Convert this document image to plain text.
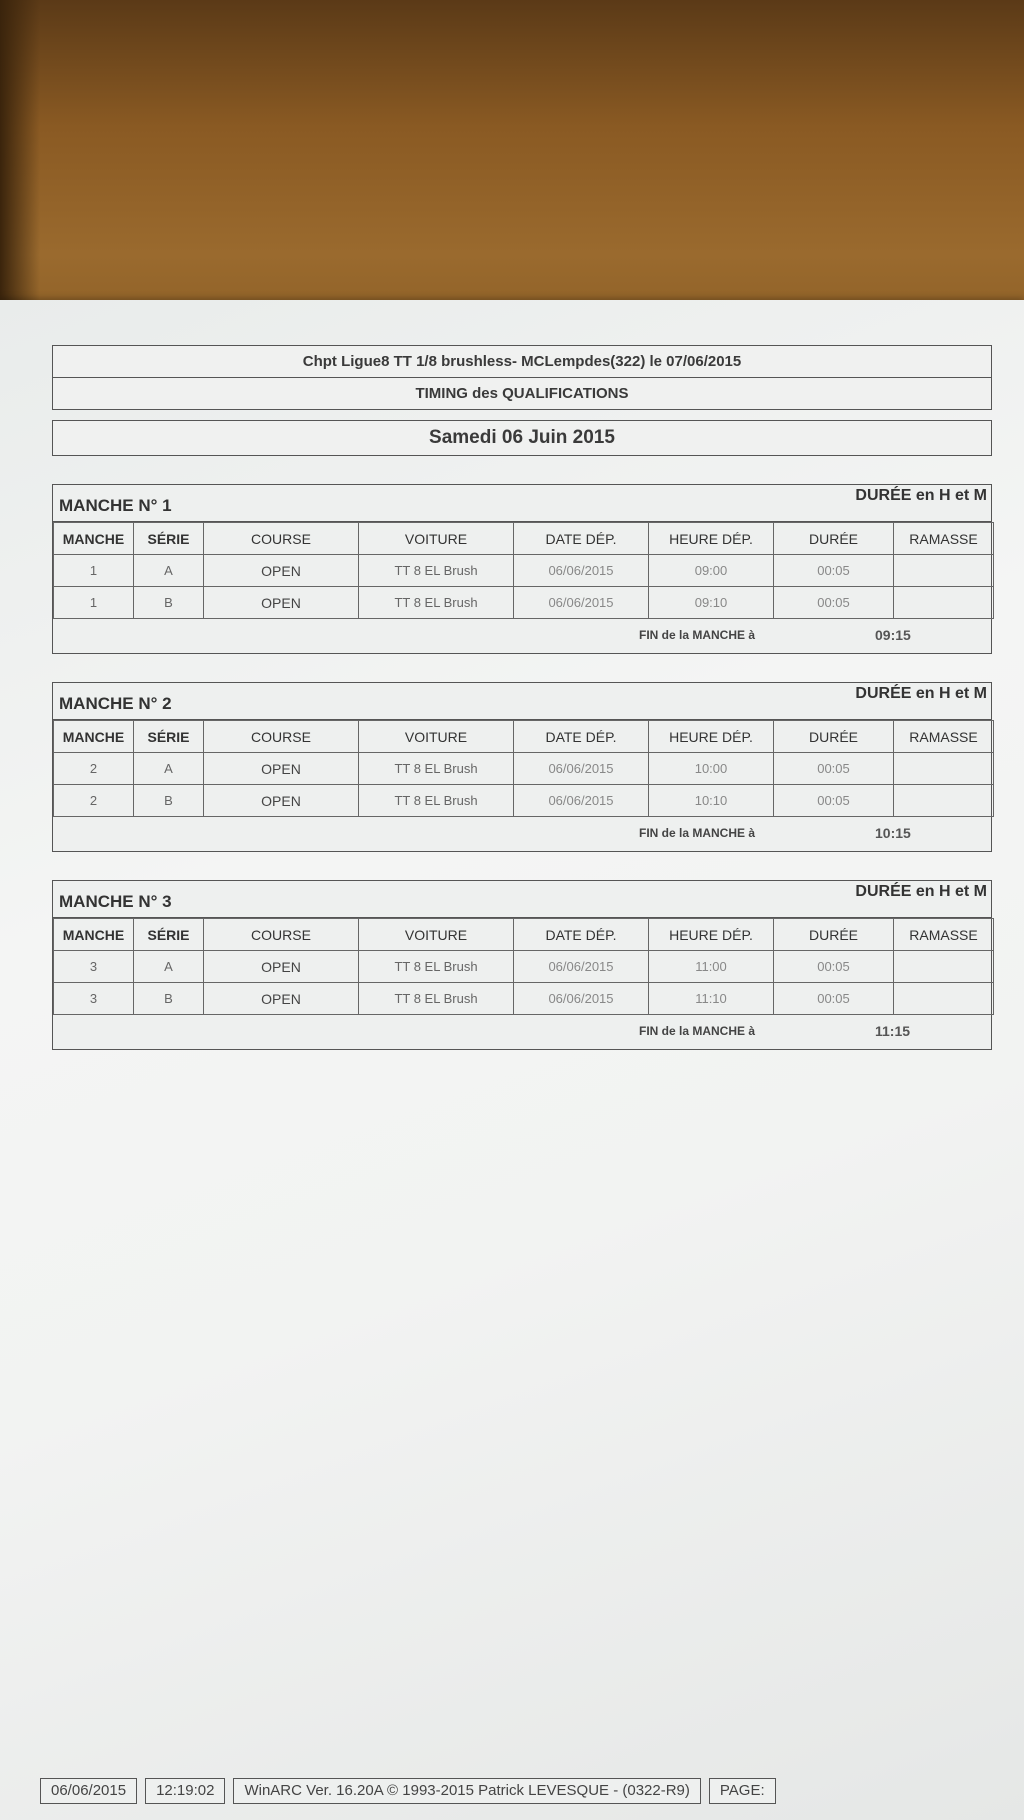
Chpt Ligue8 TT 1/8 brushless- MCLempdes(322) le 07/06/2015
TIMING des QUALIFICATIONS
Samedi 06 Juin 2015
MANCHE N° 1
DURÉE en H et M
MANCHE	SÉRIE	COURSE	VOITURE	DATE DÉP.	HEURE DÉP.	DURÉE	RAMASSE
1	A	OPEN	TT 8 EL Brush	06/06/2015	09:00	00:05	
1	B	OPEN	TT 8 EL Brush	06/06/2015	09:10	00:05	
FIN de la MANCHE à	09:15
MANCHE N° 2
DURÉE en H et M
MANCHE	SÉRIE	COURSE	VOITURE	DATE DÉP.	HEURE DÉP.	DURÉE	RAMASSE
2	A	OPEN	TT 8 EL Brush	06/06/2015	10:00	00:05	
2	B	OPEN	TT 8 EL Brush	06/06/2015	10:10	00:05	
FIN de la MANCHE à	10:15
MANCHE N° 3
DURÉE en H et M
MANCHE	SÉRIE	COURSE	VOITURE	DATE DÉP.	HEURE DÉP.	DURÉE	RAMASSE
3	A	OPEN	TT 8 EL Brush	06/06/2015	11:00	00:05	
3	B	OPEN	TT 8 EL Brush	06/06/2015	11:10	00:05	
FIN de la MANCHE à	11:15
06/06/2015	12:19:02	WinARC Ver. 16.20A © 1993-2015 Patrick LEVESQUE - (0322-R9)	PAGE:
